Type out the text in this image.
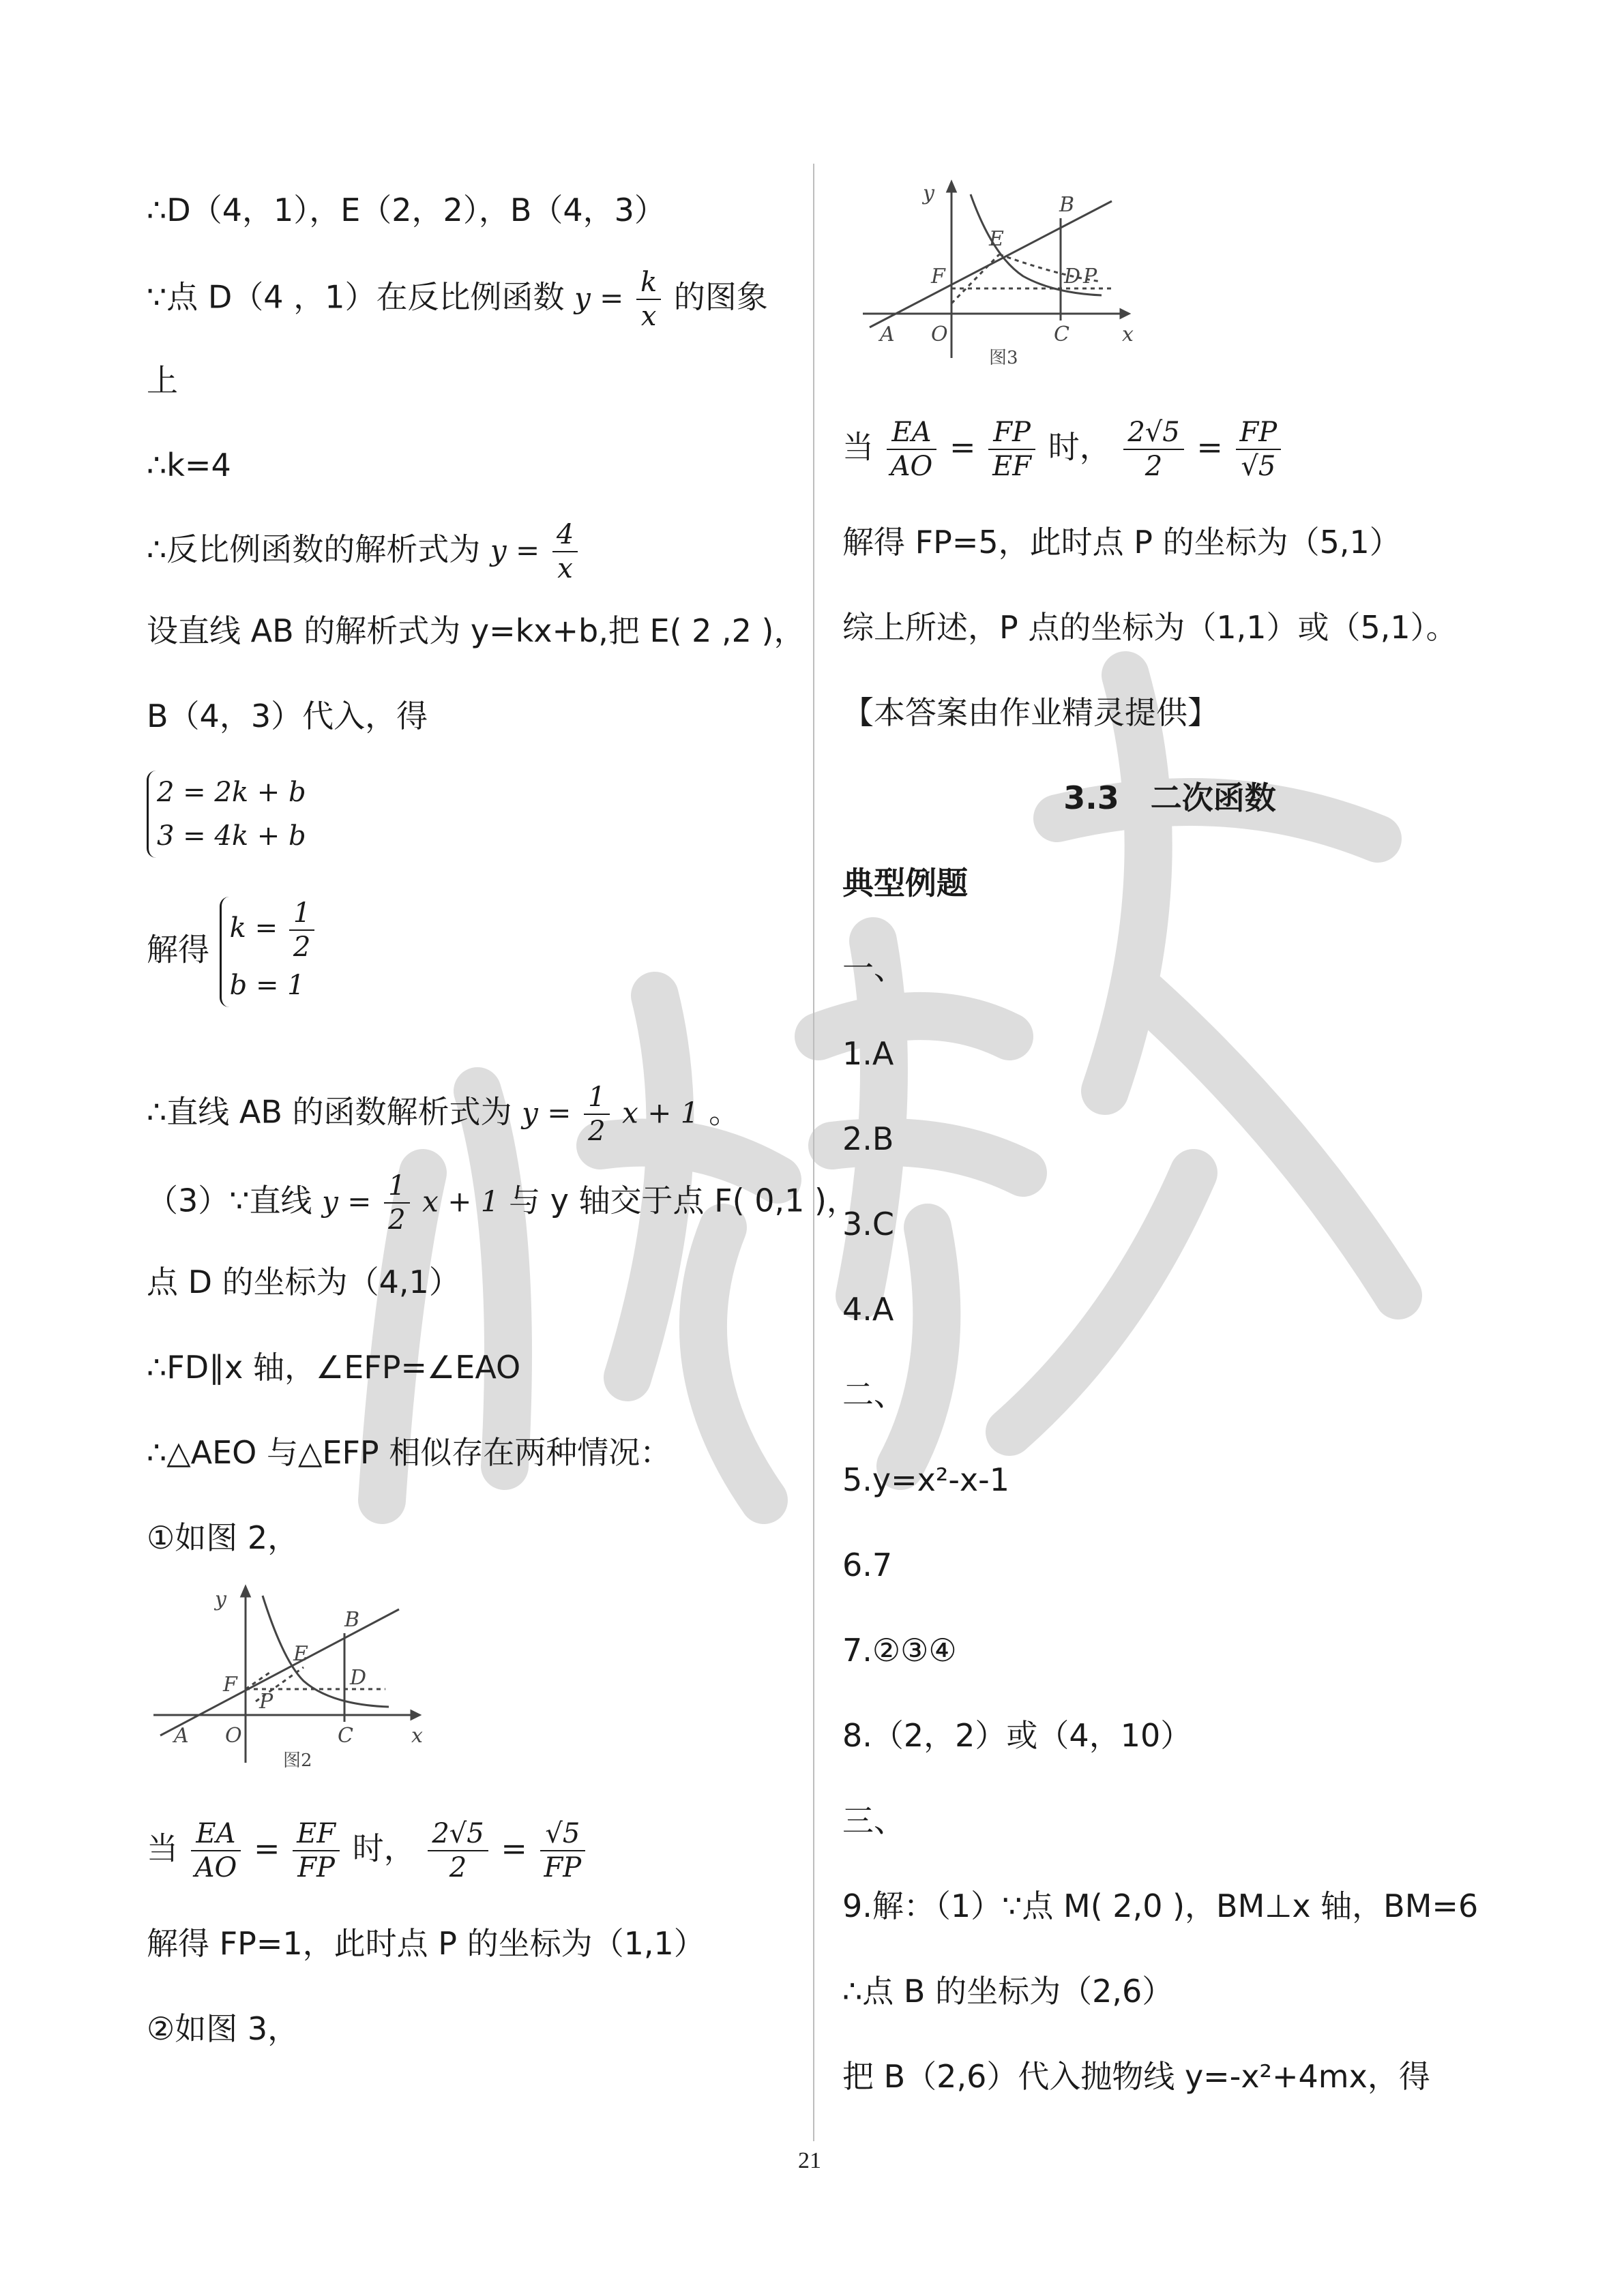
∴D（4，1），E（2，2），B（4，3）
∵点 D（4 ，1）在反比例函数 $y = \frac{k}{x}$ 的图象
上
∴k=4
∴反比例函数的解析式为 $y = \frac{4}{x}$
设直线 AB 的解析式为 y=kx+b,把 E( 2 ,2 )，
B（4，3）代入，得
2 = 2k + b
3 = 4k + b
解得
$k = \frac{1}{2}$
b = 1
∴直线 AB 的函数解析式为 $y = \frac{1}{2}$ x + 1 。
（3）∵直线 $y = \frac{1}{2}$ x + 1 与 y 轴交于点 F( 0,1 )，
点 D 的坐标为（4,1）
∴FD∥x 轴，∠EFP=∠EAO
∴△AEO 与△EFP 相似存在两种情况：
①如图 2，
y
x
A O	C
F
E
B
D
P
图2
当 $\frac{EA}{AO} = \frac{EF}{FP}$ 时， $\frac{2√5}{2} = \frac{√5}{FP}$
解得 FP=1，此时点 P 的坐标为（1,1）
②如图 3，
y
x
A O	C
F
E
B
D P
图3
当 $\frac{EA}{AO} = \frac{FP}{EF}$ 时， $\frac{2√5}{2} = \frac{FP}{√5}$
解得 FP=5，此时点 P 的坐标为（5,1）
综上所述，P 点的坐标为（1,1）或（5,1）。
【本答案由作业精灵提供】
3.3　二次函数
典型例题
一、
1.A
2.B
3.C
4.A
二、
5.y=x²-x-1
6.7
7.②③④
8.（2，2）或（4，10）
三、
9.解：（1）∵点 M( 2,0 )，BM⊥x 轴，BM=6
∴点 B 的坐标为（2,6）
把 B（2,6）代入抛物线 y=-x²+4mx，得
21
